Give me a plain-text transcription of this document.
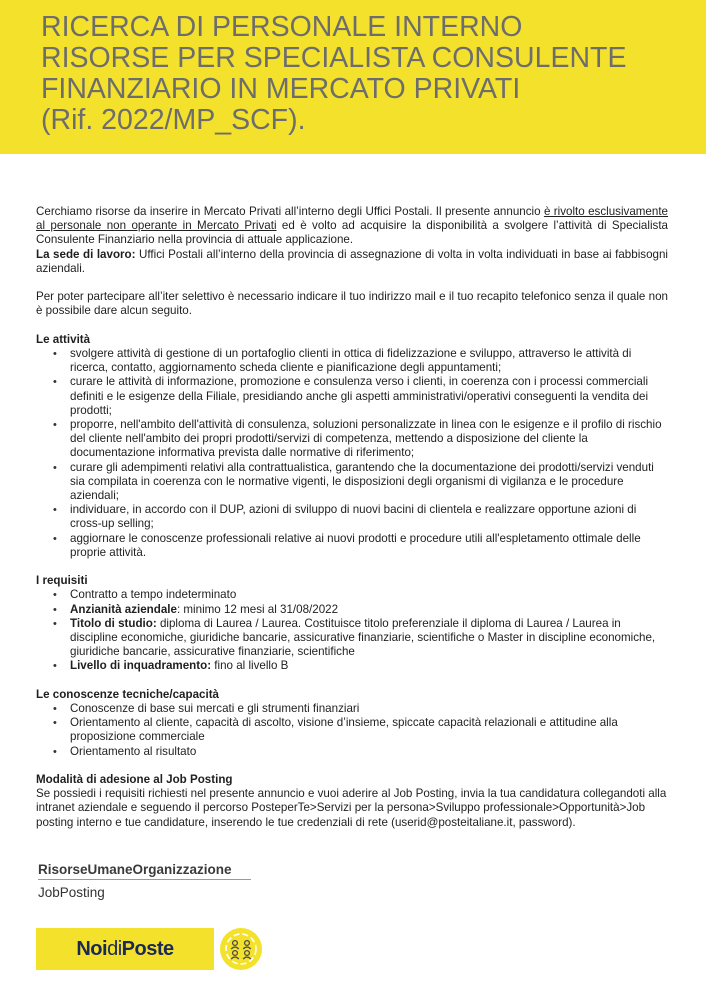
RICERCA DI PERSONALE INTERNO
RISORSE PER SPECIALISTA CONSULENTE
FINANZIARIO IN MERCATO PRIVATI
(Rif. 2022/MP_SCF).

Cerchiamo risorse da inserire in Mercato Privati all’interno degli Uffici Postali. Il presente annuncio è rivolto esclusivamente al personale non operante in Mercato Privati ed è volto ad acquisire la disponibilità a svolgere l’attività di Specialista Consulente Finanziario nella provincia di attuale applicazione.

La sede di lavoro: Uffici Postali all’interno della provincia di assegnazione di volta in volta individuati in base ai fabbisogni aziendali.

Per poter partecipare all’iter selettivo è necessario indicare il tuo indirizzo mail e il tuo recapito telefonico senza il quale non è possibile dare alcun seguito.

Le attività

• svolgere attività di gestione di un portafoglio clienti in ottica di fidelizzazione e sviluppo, attraverso le attività di ricerca, contatto, aggiornamento scheda cliente e pianificazione degli appuntamenti;
• curare le attività di informazione, promozione e consulenza verso i clienti, in coerenza con i processi commerciali definiti e le esigenze della Filiale, presidiando anche gli aspetti amministrativi/operativi conseguenti la vendita dei prodotti;
• proporre, nell'ambito dell'attività di consulenza, soluzioni personalizzate in linea con le esigenze e il profilo di rischio del cliente nell'ambito dei propri prodotti/servizi di competenza, mettendo a disposizione del cliente la documentazione informativa prevista dalle normative di riferimento;
• curare gli adempimenti relativi alla contrattualistica, garantendo che la documentazione dei prodotti/servizi venduti sia compilata in coerenza con le normative vigenti, le disposizioni degli organismi di vigilanza e le procedure aziendali;
• individuare, in accordo con il DUP, azioni di sviluppo di nuovi bacini di clientela e realizzare opportune azioni di cross-up selling;
• aggiornare le conoscenze professionali relative ai nuovi prodotti e procedure utili all'espletamento ottimale delle proprie attività.

I requisiti

• Contratto a tempo indeterminato
• Anzianità aziendale: minimo 12 mesi al 31/08/2022
• Titolo di studio: diploma di Laurea / Laurea. Costituisce titolo preferenziale il diploma di Laurea / Laurea in discipline economiche, giuridiche bancarie, assicurative finanziarie, scientifiche o Master in discipline economiche, giuridiche bancarie, assicurative finanziarie, scientifiche
• Livello di inquadramento: fino al livello B

Le conoscenze tecniche/capacità

• Conoscenze di base sui mercati e gli strumenti finanziari
• Orientamento al cliente, capacità di ascolto, visione d’insieme, spiccate capacità relazionali e attitudine alla proposizione commerciale
• Orientamento al risultato

Modalità di adesione al Job Posting

Se possiedi i requisiti richiesti nel presente annuncio e vuoi aderire al Job Posting, invia la tua candidatura collegandoti alla intranet aziendale e seguendo il percorso PosteperTe>Servizi per la persona>Sviluppo professionale>Opportunità>Job posting interno e tue candidature, inserendo le tue credenziali di rete (userid@posteitaliane.it, password).

RisorseUmaneOrganizzazione
JobPosting
NoidiPoste
